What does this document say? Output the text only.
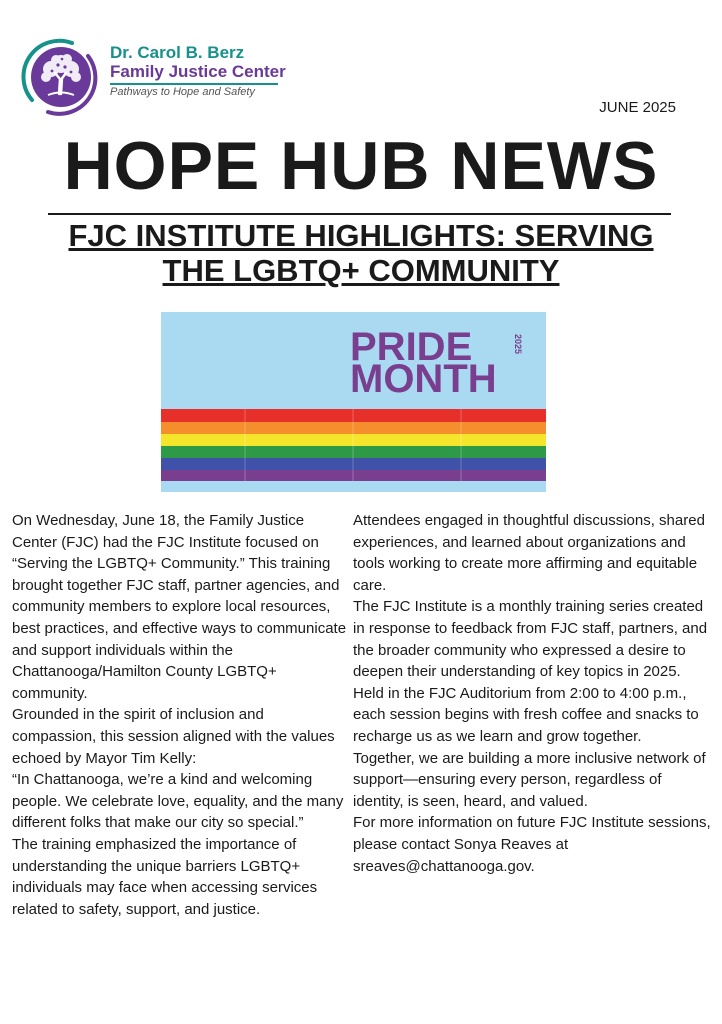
Dr. Carol B. Berz
Family Justice Center
Pathways to Hope and Safety
JUNE 2025
HOPE HUB NEWS
FJC INSTITUTE HIGHLIGHTS: SERVING
THE LGBTQ+ COMMUNITY
PRIDE
MONTH
2025

On Wednesday, June 18, the Family Justice Center (FJC) had the FJC Institute focused on “Serving the LGBTQ+ Community.” This training brought together FJC staff, partner agencies, and community members to explore local resources, best practices, and effective ways to communicate and support individuals within the Chattanooga/Hamilton County LGBTQ+ community.

Grounded in the spirit of inclusion and compassion, this session aligned with the values echoed by Mayor Tim Kelly:

“In Chattanooga, we’re a kind and welcoming people. We celebrate love, equality, and the many different folks that make our city so special.”

The training emphasized the importance of understanding the unique barriers LGBTQ+ individuals may face when accessing services related to safety, support, and justice.

Attendees engaged in thoughtful discussions, shared experiences, and learned about organizations and tools working to create more affirming and equitable care.

The FJC Institute is a monthly training series created in response to feedback from FJC staff, partners, and the broader community who expressed a desire to deepen their understanding of key topics in 2025. Held in the FJC Auditorium from 2:00 to 4:00 p.m., each session begins with fresh coffee and snacks to recharge us as we learn and grow together.

Together, we are building a more inclusive network of support—ensuring every person, regardless of identity, is seen, heard, and valued.

For more information on future FJC Institute sessions, please contact Sonya Reaves at sreaves@chattanooga.gov.
